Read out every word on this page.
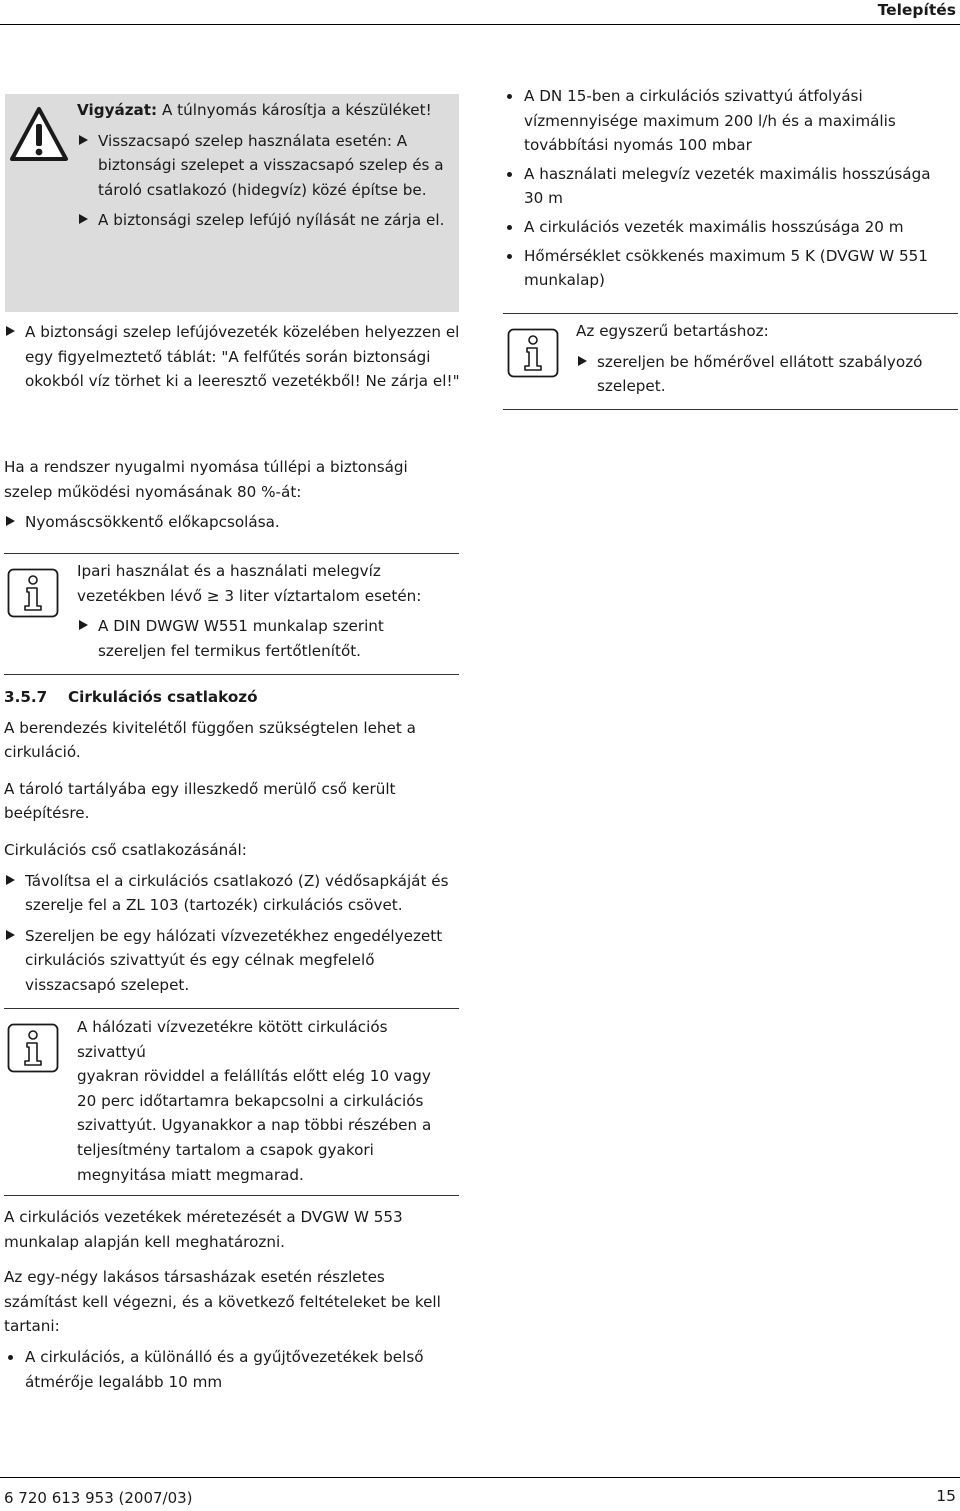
Telepítés

Vigyázat: A túlnyomás károsítja a készüléket!

Visszacsapó szelep használata esetén: A biztonsági szelepet a visszacsapó szelep és a tároló csatlakozó (hidegvíz) közé építse be.
A biztonsági szelep lefújó nyílását ne zárja el.
A biztonsági szelep lefújóvezeték közelében helyezzen el egy figyelmeztető táblát: "A felfűtés során biztonsági okokból víz törhet ki a leeresztő vezetékből! Ne zárja el!"

Ha a rendszer nyugalmi nyomása túllépi a biztonsági szelep működési nyomásának 80 %-át:

Nyomáscsökkentő előkapcsolása.

Ipari használat és a használati melegvíz vezetékben lévő ≥ 3 liter víztartalom esetén:

A DIN DWGW W551 munkalap szerint szereljen fel termikus fertőtlenítőt.

3.5.7 Cirkulációs csatlakozó

A berendezés kivitelétől függően szükségtelen lehet a cirkuláció.

A tároló tartályába egy illeszkedő merülő cső került beépítésre.

Cirkulációs cső csatlakozásánál:

Távolítsa el a cirkulációs csatlakozó (Z) védősapkáját és szerelje fel a ZL 103 (tartozék) cirkulációs csövet.
Szereljen be egy hálózati vízvezetékhez engedélyezett cirkulációs szivattyút és egy célnak megfelelő visszacsapó szelepet.

A hálózati vízvezetékre kötött cirkulációs szivattyú

gyakran röviddel a felállítás előtt elég 10 vagy 20 perc időtartamra bekapcsolni a cirkulációs szivattyút. Ugyanakkor a nap többi részében a teljesítmény tartalom a csapok gyakori megnyitása miatt megmarad.

A cirkulációs vezetékek méretezését a DVGW W 553 munkalap alapján kell meghatározni.

Az egy-négy lakásos társasházak esetén részletes számítást kell végezni, és a következő feltételeket be kell tartani:

A cirkulációs, a különálló és a gyűjtővezetékek belső átmérője legalább 10 mm
A DN 15-ben a cirkulációs szivattyú átfolyási vízmennyisége maximum 200 l/h és a maximális továbbítási nyomás 100 mbar
A használati melegvíz vezeték maximális hosszúsága 30 m
A cirkulációs vezeték maximális hosszúsága 20 m
Hőmérséklet csökkenés maximum 5 K (DVGW W 551 munkalap)

Az egyszerű betartáshoz:

szereljen be hőmérővel ellátott szabályozó szelepet.
6 720 613 953 (2007/03)	15
